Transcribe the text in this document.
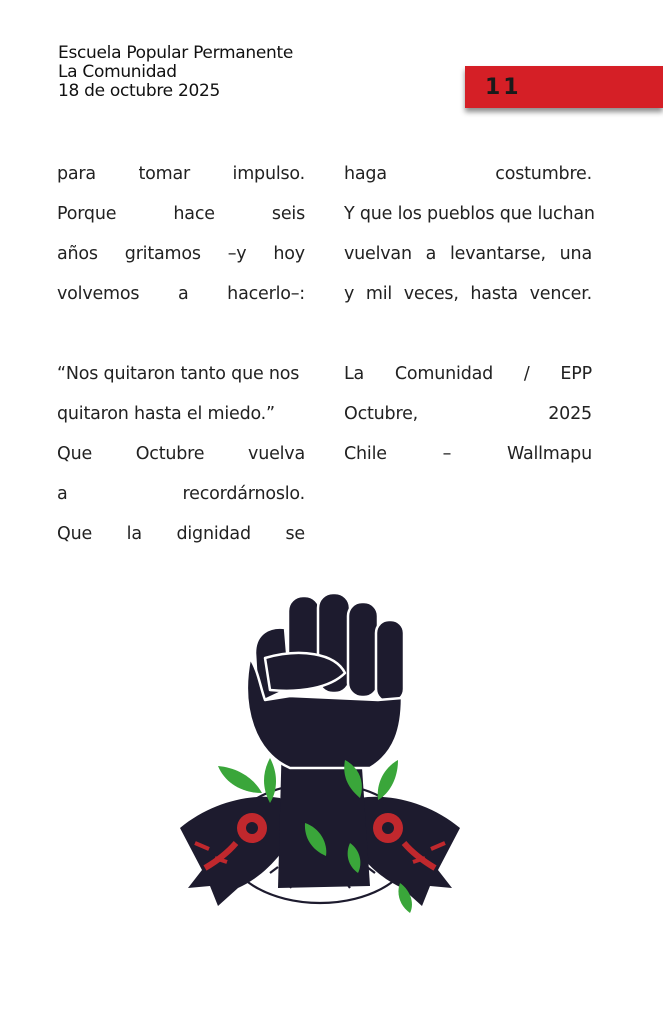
Escuela Popular Permanente
La Comunidad
18 de octubre 2025	11
para tomar impulso.
Porque	hace	seis
años gritamos –y hoy
volvemos a hacerlo–:
“Nos quitaron tanto que nos
quitaron hasta el miedo.”
Que Octubre vuelva
a	recordárnoslo.
Que la dignidad se
haga	costumbre.
Y que los pueblos que luchan
vuelvan a levantarse, una
y mil veces, hasta vencer.
La Comunidad / EPP
Octubre,	2025
Chile	–	Wallmapu
